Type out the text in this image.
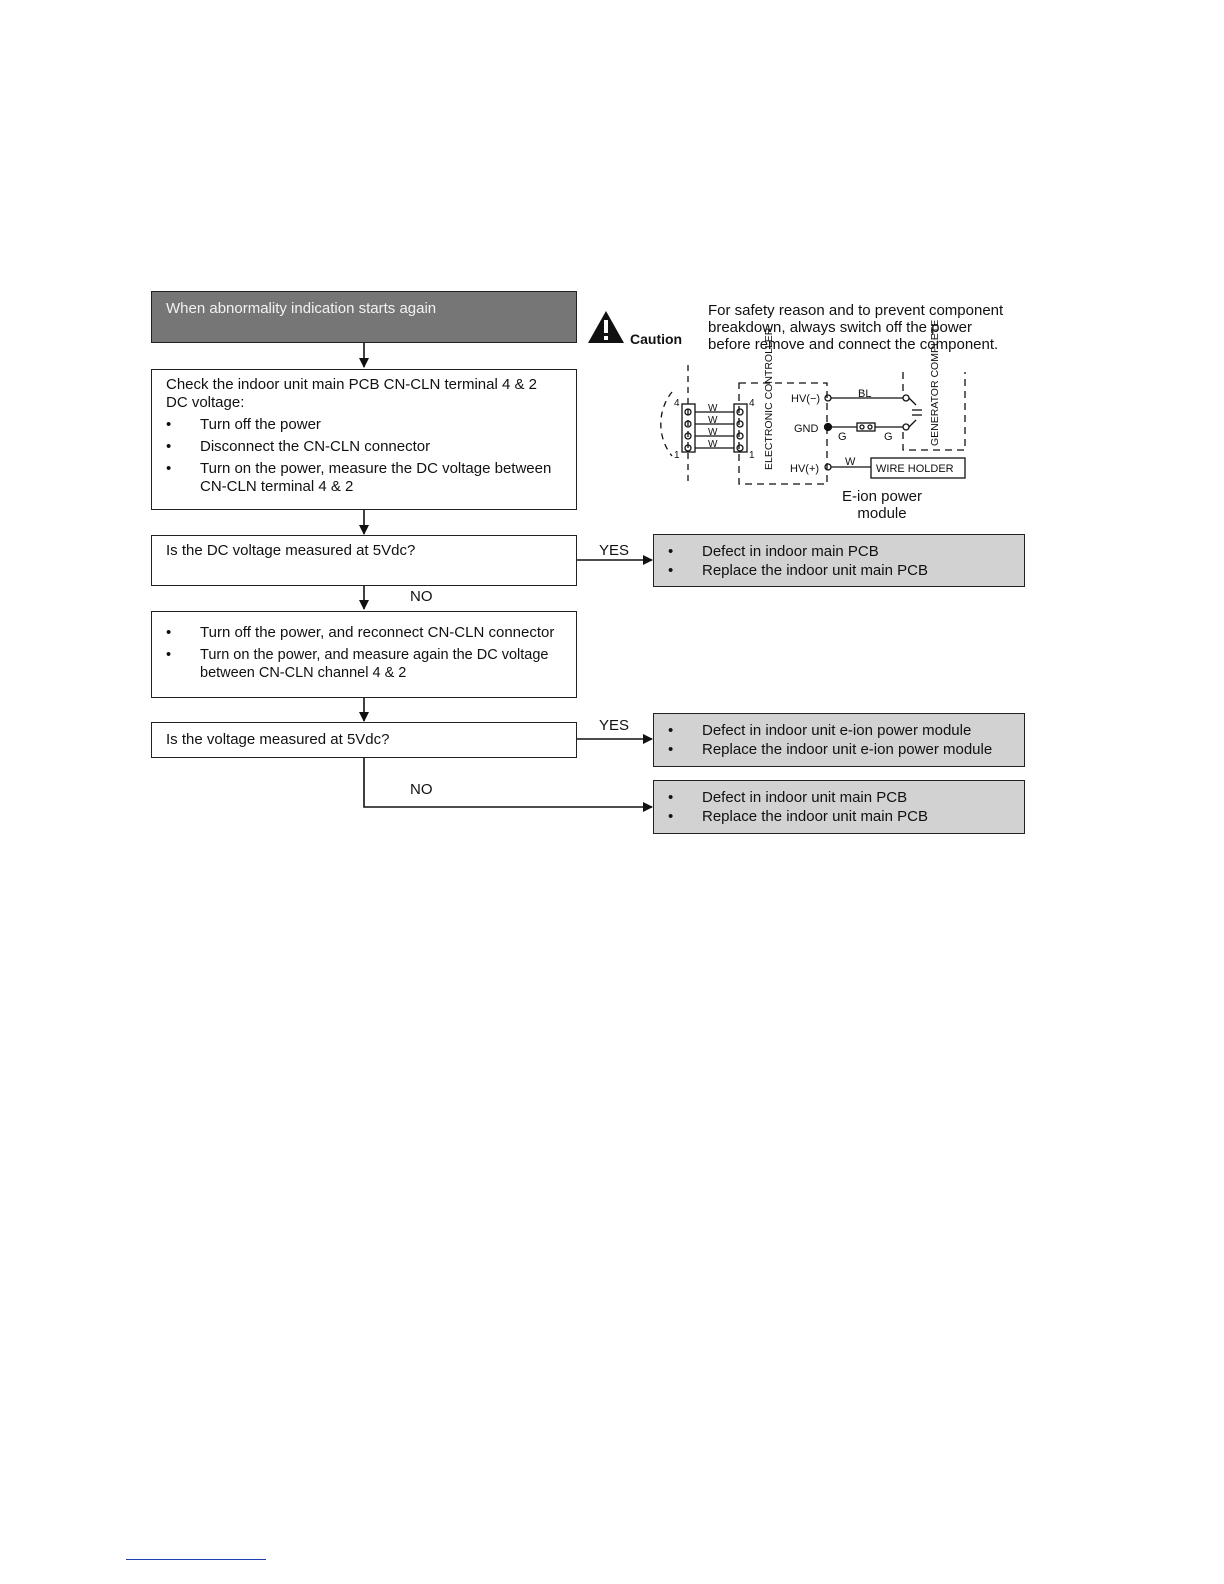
When abnormality indication starts again
Caution
For safety reason and to prevent component breakdown, always switch off the power before remove and connect the component.
Check the indoor unit main PCB CN-CLN terminal 4 & 2 DC voltage:
• Turn off the power
• Disconnect the CN-CLN connector
• Turn on the power, measure the DC voltage between CN-CLN terminal 4 & 2
4
1
4
1
W
W
W
W	ELECTRONIC CONTROLLER HV(−)
GND
HV(+)
BL
G	G
W
GENERATOR COMPLETE
WIRE HOLDER
E-ion power module
Is the DC voltage measured at 5Vdc?	YES
NO
• Defect in indoor main PCB
• Replace the indoor unit main PCB
• Turn off the power, and reconnect CN-CLN connector
• Turn on the power, and measure again the DC voltage between CN-CLN channel 4 & 2
Is the voltage measured at 5Vdc?
YES
NO
• Defect in indoor unit e-ion power module
• Replace the indoor unit e-ion power module
• Defect in indoor unit main PCB
• Replace the indoor unit main PCB
